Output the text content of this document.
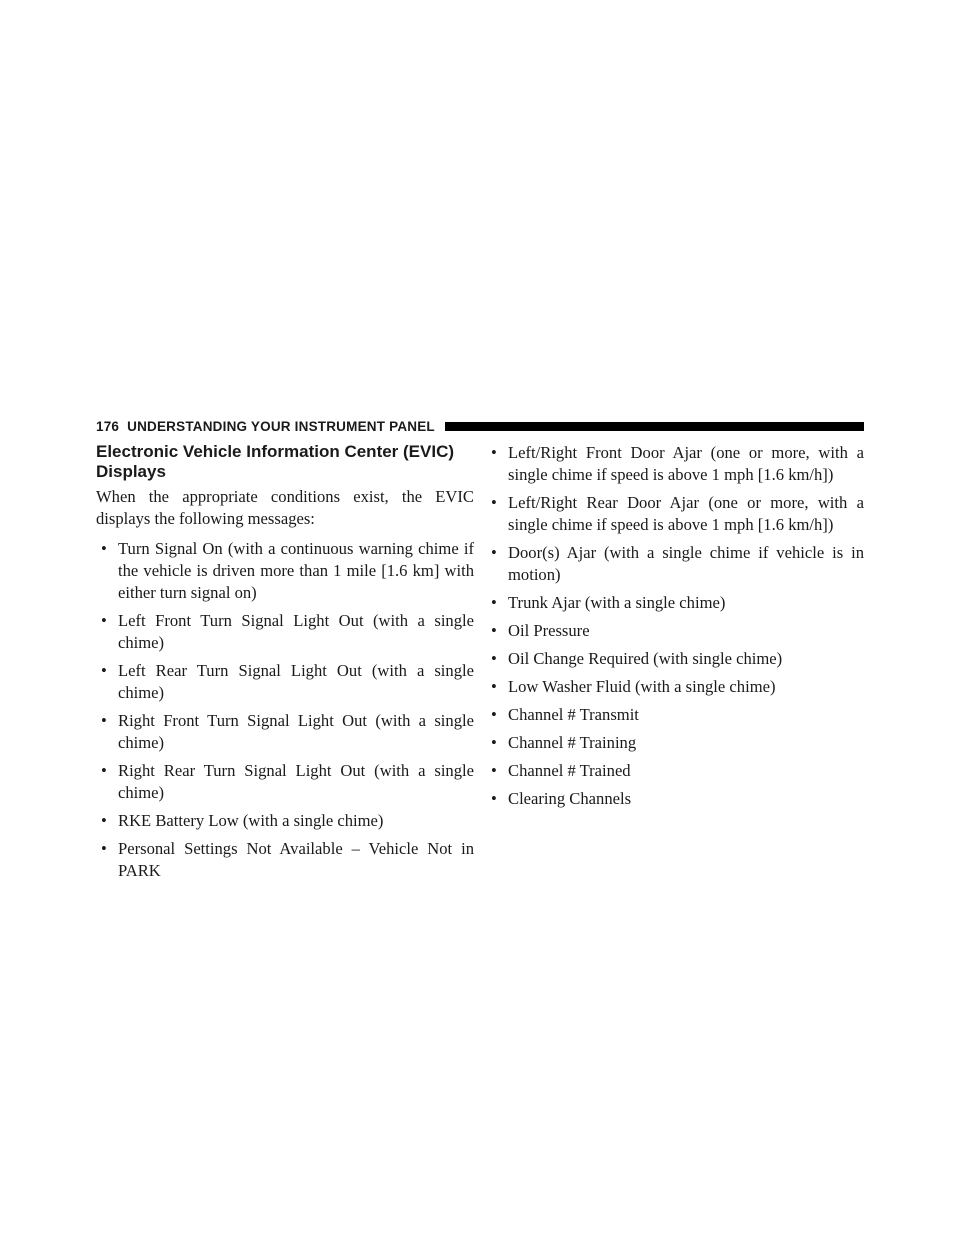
176 UNDERSTANDING YOUR INSTRUMENT PANEL
Electronic Vehicle Information Center (EVIC) Displays

When the appropriate conditions exist, the EVIC displays the following messages:

• Turn Signal On (with a continuous warning chime if the vehicle is driven more than 1 mile [1.6 km] with either turn signal on)
• Left Front Turn Signal Light Out (with a single chime)
• Left Rear Turn Signal Light Out (with a single chime)
• Right Front Turn Signal Light Out (with a single chime)
• Right Rear Turn Signal Light Out (with a single chime)
• RKE Battery Low (with a single chime)
• Personal Settings Not Available – Vehicle Not in PARK
• Left/Right Front Door Ajar (one or more, with a single chime if speed is above 1 mph [1.6 km/h])
• Left/Right Rear Door Ajar (one or more, with a single chime if speed is above 1 mph [1.6 km/h])
• Door(s) Ajar (with a single chime if vehicle is in motion)
• Trunk Ajar (with a single chime)
• Oil Pressure
• Oil Change Required (with single chime)
• Low Washer Fluid (with a single chime)
• Channel # Transmit
• Channel # Training
• Channel # Trained
• Clearing Channels
